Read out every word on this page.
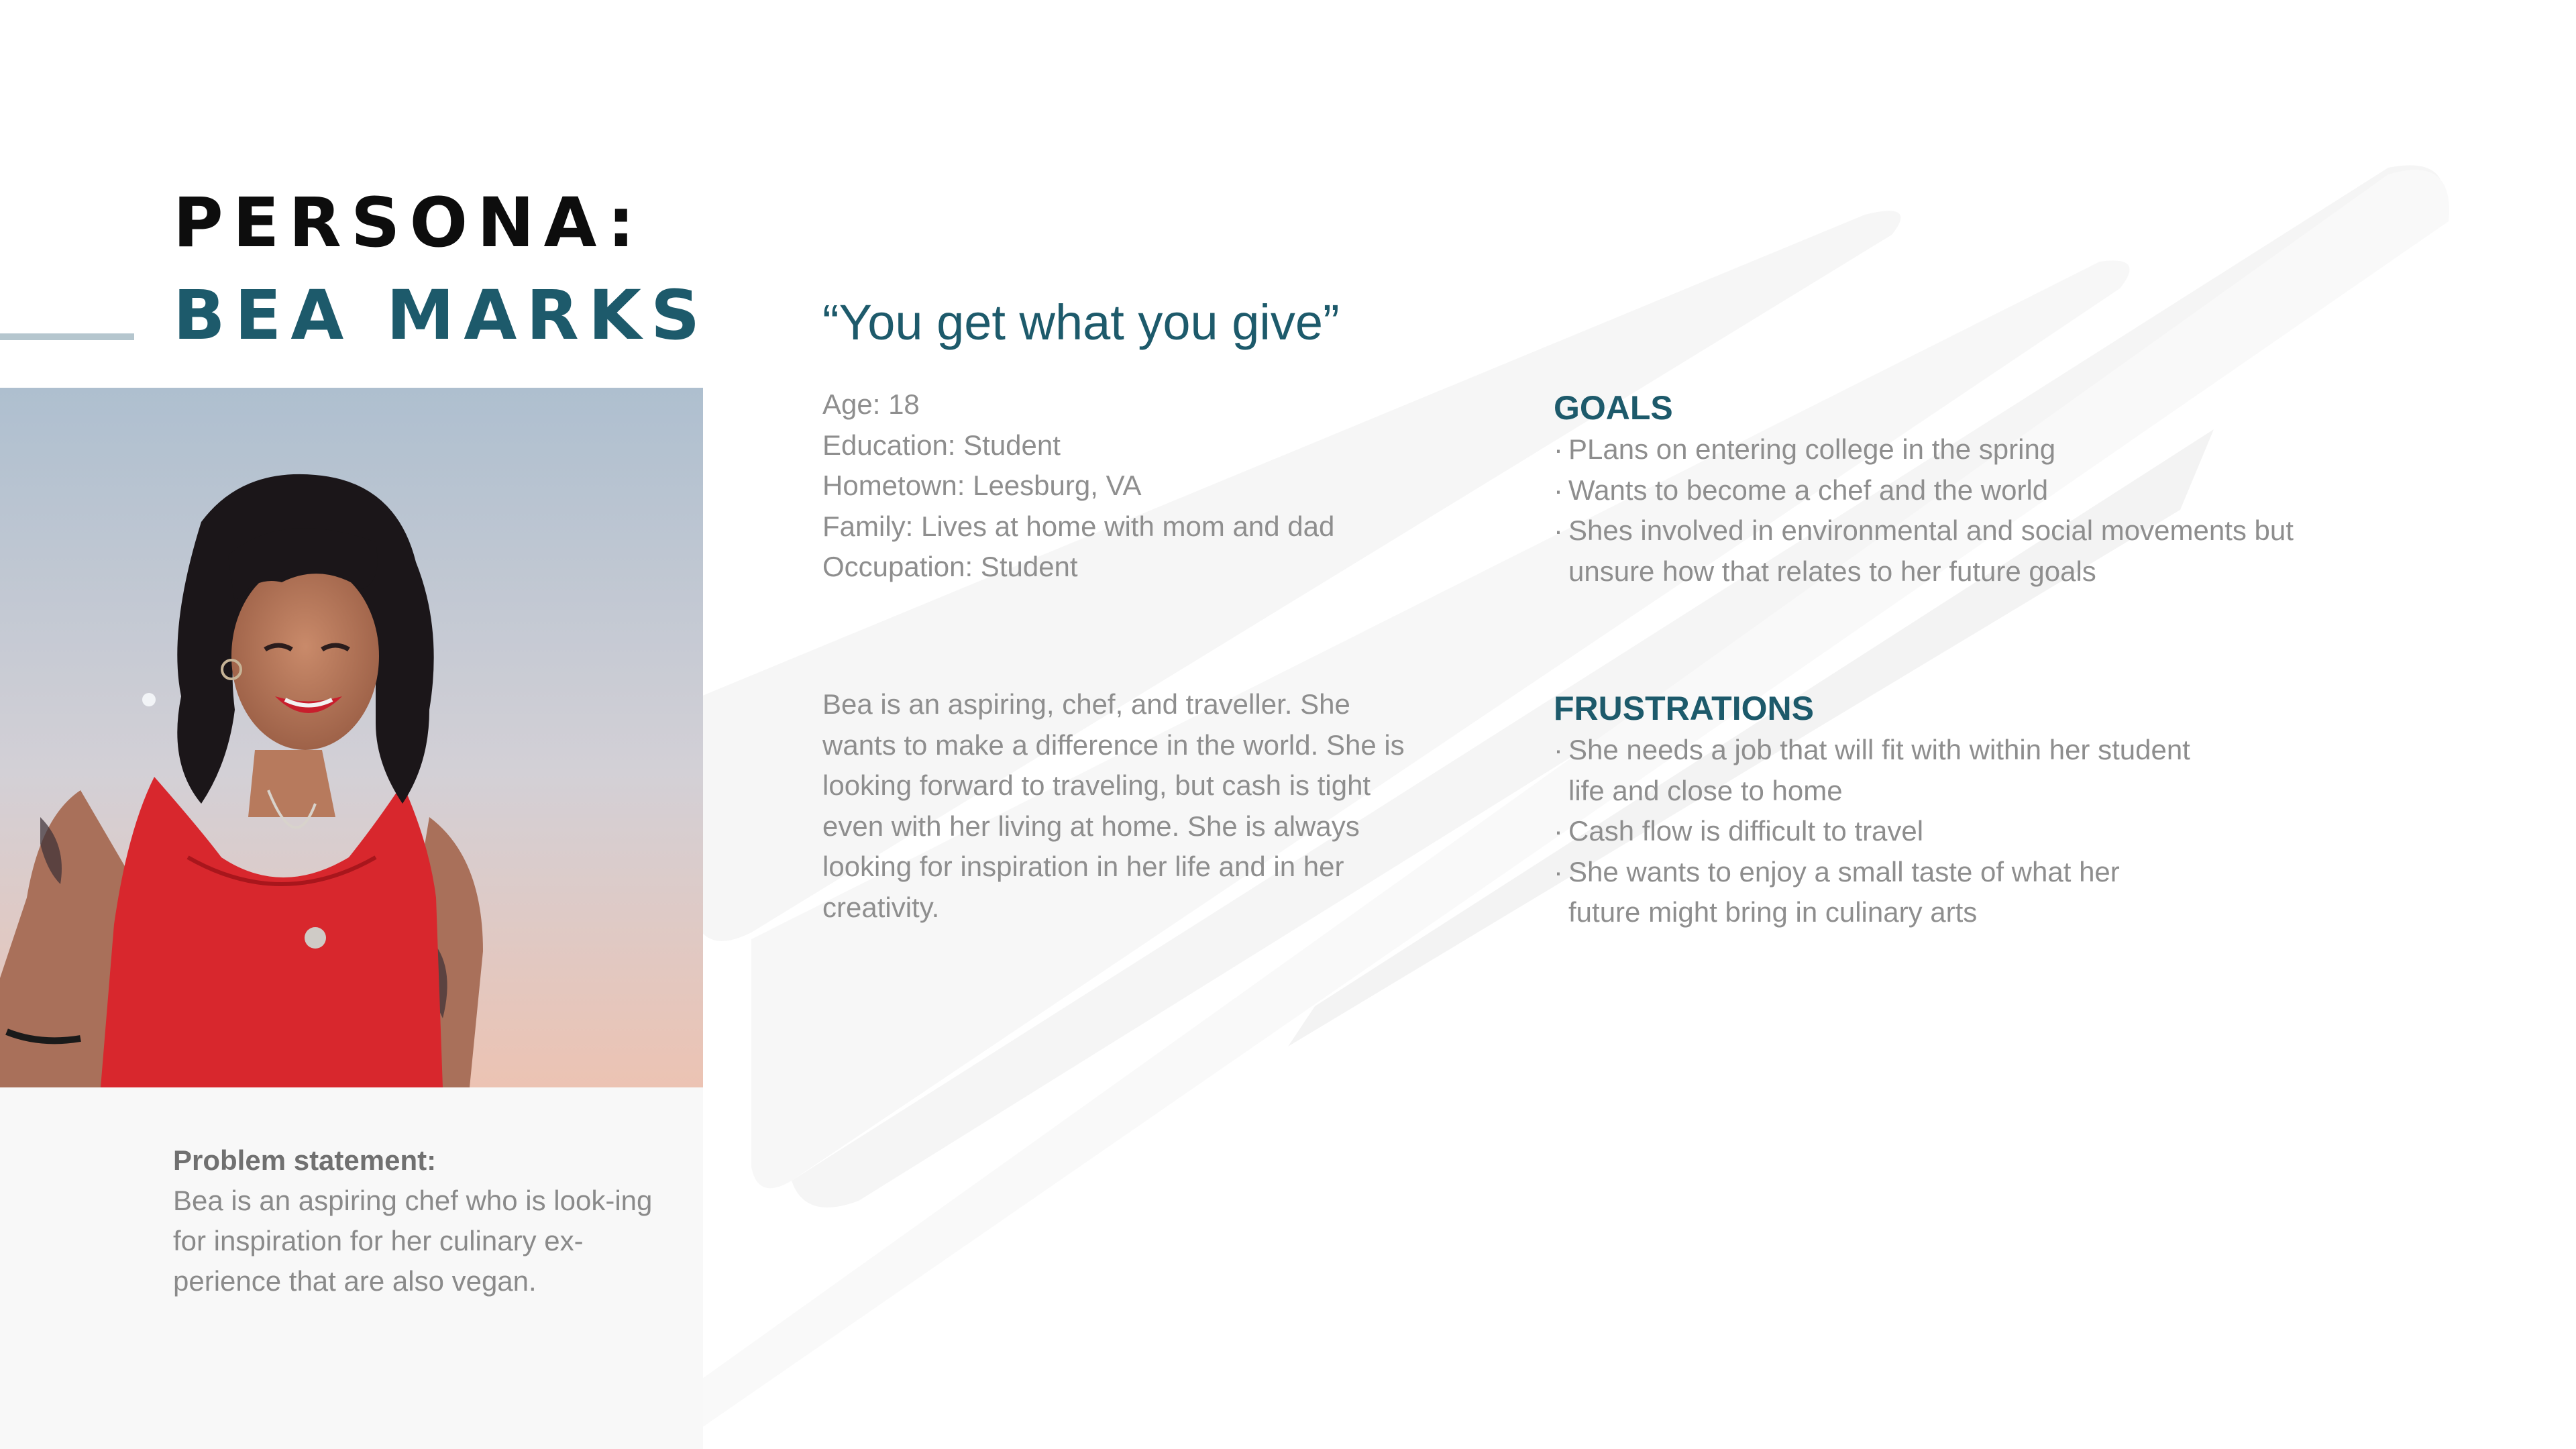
PERSONA:
BEA MARKS
Problem statement:
Bea is an aspiring chef who is look-ing for inspiration for her culinary ex-perience that are also vegan.
“You get what you give”
Age: 18
Education: Student
Hometown: Leesburg, VA
Family: Lives at home with mom and dad
Occupation: Student
Bea is an aspiring, chef, and traveller. She wants to make a difference in the world. She is looking forward to traveling, but cash is tight even with her living at home. She is always looking for inspiration in her life and in her creativity.
GOALS
· PLans on entering college in the spring
· Wants to become a chef and the world
· Shes involved in environmental and social movements but unsure how that relates to her future goals
FRUSTRATIONS
· She needs a job that will fit with within her student life and close to home
· Cash flow is difficult to travel
· She wants to enjoy a small taste of what her future might bring in culinary arts
